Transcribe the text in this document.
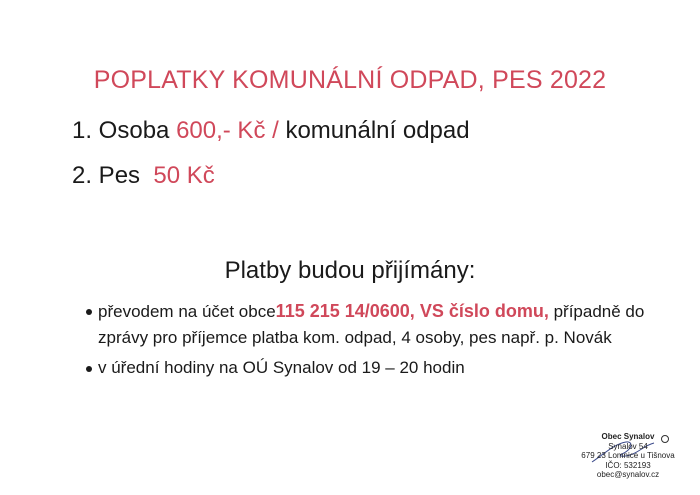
POPLATKY KOMUNÁLNÍ ODPAD, PES 2022
1. Osoba 600,- Kč / komunální odpad
2. Pes  50 Kč
Platby budou přijímány:
převodem na účet obce115 215 14/0600, VS číslo domu, případně do zprávy pro příjemce platba kom. odpad, 4 osoby, pes např. p. Novák
v úřední hodiny na OÚ Synalov od 19 – 20 hodin
Obec Synalov
Synalov 54
679 23 Lomnice u Tišnova
IČO: 532193
obec@synalov.cz
